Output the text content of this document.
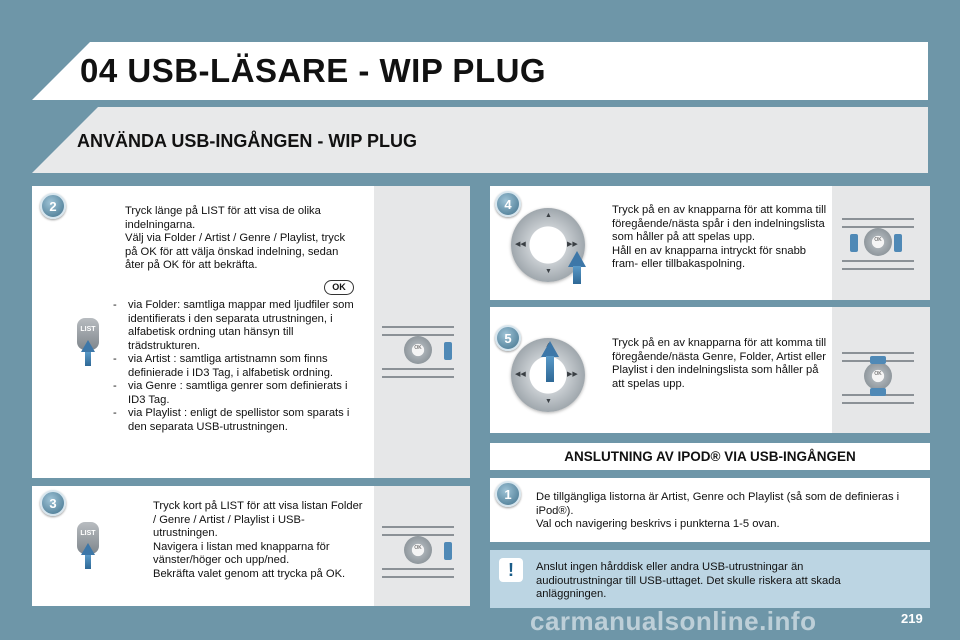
04 USB-LÄSARE - WIP PLUG
ANVÄNDA USB-INGÅNGEN - WIP PLUG
2	Tryck länge på LIST för att visa de olika indelningarna.
Välj via Folder / Artist / Genre / Playlist, tryck på OK för att välja önskad indelning, sedan åter på OK för att bekräfta.
OK
- via Folder: samtliga mappar med ljudfiler som identifierats i den separata utrustningen, i alfabetisk ordning utan hänsyn till trädstrukturen.
- via Artist : samtliga artistnamn som finns definierade i ID3 Tag, i alfabetisk ordning.
- via Genre : samtliga genrer som definierats i ID3 Tag.
- via Playlist : enligt de spellistor som sparats i den separata USB-utrustningen.
LIST
OK
3	Tryck kort på LIST för att visa listan Folder / Genre / Artist / Playlist i USB-utrustningen.
Navigera i listan med knapparna för vänster/höger och upp/ned.
Bekräfta valet genom att trycka på OK.
LIST
OK
4
▲
▼
◀◀	▶▶
Tryck på en av knapparna för att komma till föregående/nästa spår i den indelningslista som håller på att spelas upp.
Håll en av knapparna intryckt för snabb fram- eller tillbakaspolning.
OK
5	▲
▼
◀◀	▶▶
Tryck på en av knapparna för att komma till föregående/nästa Genre, Folder, Artist eller Playlist i den indelningslista som håller på att spelas upp.
OK
ANSLUTNING AV IPOD® VIA USB-INGÅNGEN
1	De tillgängliga listorna är Artist, Genre och Playlist (så som de definieras i iPod®).
Val och navigering beskrivs i punkterna 1-5 ovan.
!	Anslut ingen hårddisk eller andra USB-utrustningar än audioutrustningar till USB-uttaget. Det skulle riskera att skada anläggningen.
carmanualsonline.info	219
